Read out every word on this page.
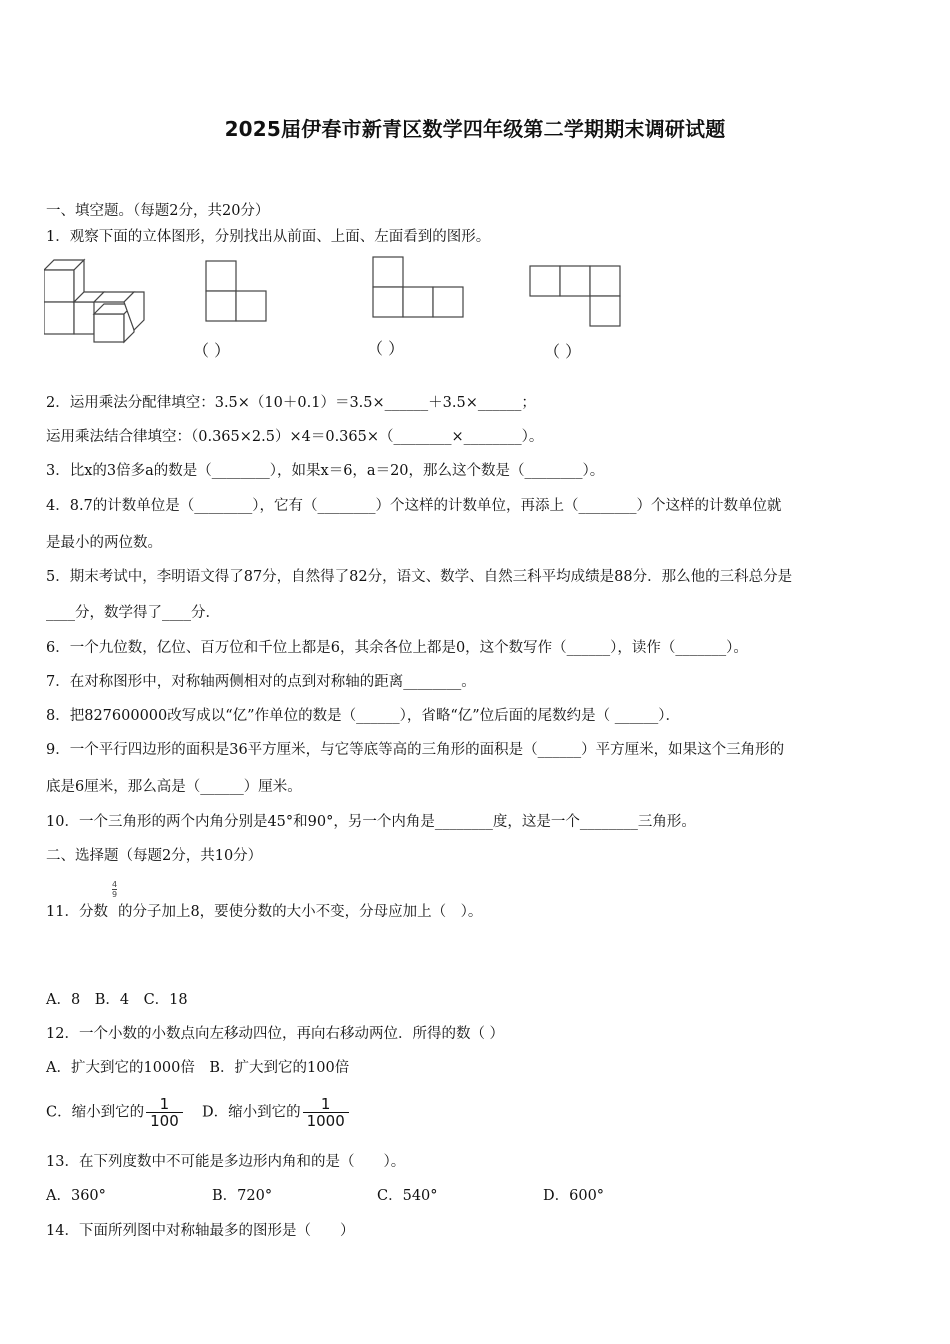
2025届伊春市新青区数学四年级第二学期期末调研试题
一、填空题。（每题2分，共20分）
1．观察下面的立体图形，分别找出从前面、上面、左面看到的图形。
（ ）	（ ）	（ ）
2．运用乘法分配律填空：3.5×（10＋0.1）＝3.5×______＋3.5×______；
运用乘法结合律填空：（0.365×2.5）×4＝0.365×（________×________）。
3．比x的3倍多a的数是（________），如果x＝6，a＝20，那么这个数是（________）。
4．8.7的计数单位是（________），它有（________）个这样的计数单位，再添上（________）个这样的计数单位就
是最小的两位数。
5．期末考试中，李明语文得了87分，自然得了82分，语文、数学、自然三科平均成绩是88分．那么他的三科总分是
____分，数学得了____分．
6．一个九位数，亿位、百万位和千位上都是6，其余各位上都是0，这个数写作（______），读作（_______）。
7．在对称图形中，对称轴两侧相对的点到对称轴的距离________。
8．把827600000改写成以“亿”作单位的数是（______），省略“亿”位后面的尾数约是（ ______）．
9．一个平行四边形的面积是36平方厘米，与它等底等高的三角形的面积是（______）平方厘米，如果这个三角形的
底是6厘米，那么高是（______）厘米。
10．一个三角形的两个内角分别是45°和90°，另一个内角是________度，这是一个________三角形。
二、选择题（每题2分，共10分）
$\frac{4}{9}$
11．分数 的分子加上8，要使分数的大小不变，分母应加上（　）。
A．8　B．4　C．18
12．一个小数的小数点向左移动四位，再向右移动两位．所得的数（ ）
A．扩大到它的1000倍　B．扩大到它的100倍
C．缩小到它的 $\frac{1}{100}$ D．缩小到它的 $\frac{1}{1000}$
13．在下列度数中不可能是多边形内角和的是（　　）。
A．360°	B．720°	C．540°	D．600°
14．下面所列图中对称轴最多的图形是（　　）
